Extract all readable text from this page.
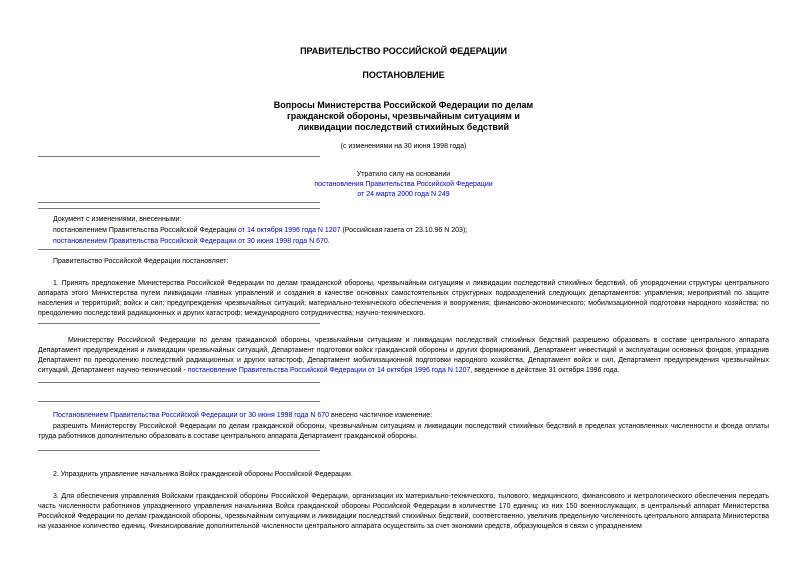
ПРАВИТЕЛЬСТВО РОССИЙСКОЙ ФЕДЕРАЦИИ
ПОСТАНОВЛЕНИЕ
Вопросы Министерства Российской Федерации по делам
гражданской обороны, чрезвычайным ситуациям и
ликвидации последствий стихийных бедствий
(с изменениями на 30 июня 1998 года)
Утратило силу на основании
постановления Правительства Российской Федерации
от 24 марта 2000 года N 249
Документ с изменениями, внесенными:
постановлением Правительства Российской Федерации от 14 октября 1996 года N 1207 (Российская газета от 23.10.96 N 203);
постановлением Правительства Российской Федерации от 30 июня 1998 года N 670.
Правительство Российской Федерации постановляет:
1. Принять предложение Министерства Российской Федерации по делам гражданской обороны, чрезвычайным ситуациям и ликвидации последствий стихийных бедствий, об упорядочении структуры центрального аппарата этого Министерства путем ликвидации главных управлений и создания в качестве основных самостоятельных структурных подразделений следующих департаментов: управления; мероприятий по защите населения и территорий; войск и сил; предупреждения чрезвычайных ситуаций; материально-технического обеспечения и вооружения; финансово-экономического; мобилизационной подготовки народного хозяйства; по преодолению последствий радиационных и других катастроф; международного сотрудничества; научно-технического.
Министерству Российской Федерации по делам гражданской обороны, чрезвычайным ситуациям и ликвидации последствий стихийных бедствий разрешено образовать в составе центрального аппарата Департамент предупреждения и ликвидации чрезвычайных ситуаций, Департамент подготовки войск гражданской обороны и других формирований, Департамент инвестиций и эксплуатации основных фондов, упразднив Департамент по преодолению последствий радиационных и других катастроф, Департамент мобилизационной подготовки народного хозяйства, Департамент войск и сил, Департамент предупреждения чрезвычайных ситуаций, Департамент научно-технический - постановление Правительства Российской Федерации от 14 октября 1996 года N 1207, введенное в действие 31 октября 1996 года.
Постановлением Правительства Российской Федерации от 30 июня 1998 года N 670 внесено частичное изменение:
разрешить Министерству Российской Федерации по делам гражданской обороны, чрезвычайным ситуациям и ликвидации последствий стихийных бедствий в пределах установленных численности и фонда оплаты труда работников дополнительно образовать в составе центрального аппарата Департамент гражданской обороны.
2. Упразднить управление начальника Войск гражданской обороны Российской Федерации.
3. Для обеспечения управления Войсками гражданской обороны Российской Федерации, организации их материально-технического, тылового, медицинского, финансового и метрологического обеспечения передать часть численности работников упраздненного управления начальника Войск гражданской обороны Российской Федерации в количестве 170 единиц; из них 150 военнослужащих, в центральный аппарат Министерства Российской Федерации по делам гражданской обороны, чрезвычайным ситуациям и ликвидации последствий стихийных бедствий, соответственно, увеличив предельную численность центрального аппарата Министерства на указанное количество единиц. Финансирование дополнительной численности центрального аппарата осуществить за счет экономии средств, образующейся в связи с упразднением
